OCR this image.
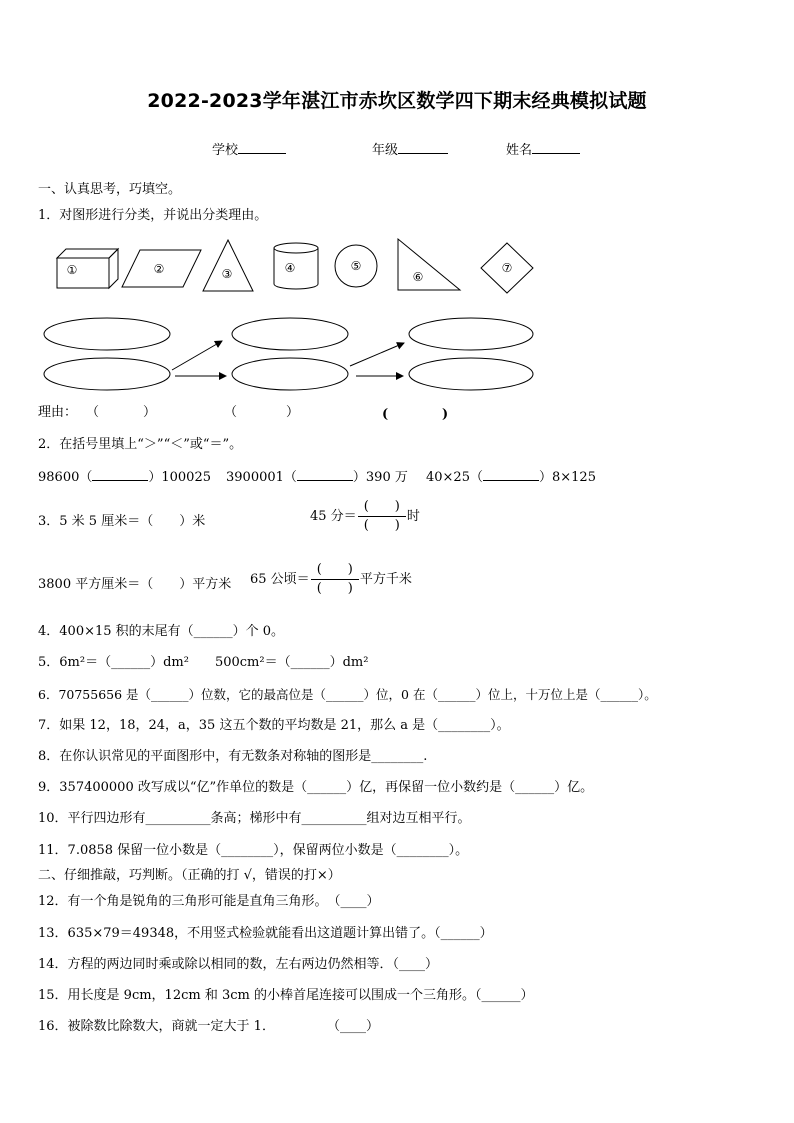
2022-2023学年湛江市赤坎区数学四下期末经典模拟试题
学校	年级	姓名
一、认真思考，巧填空。
1．对图形进行分类，并说出分类理由。
①	②	③	④	⑤
⑥
⑦
理由： （	）	（	）	(	)
2．在括号里填上“＞”“＜”或“＝”。
98600（	）100025 3900001（	）390 万 40×25（	）8×125
3．5 米 5 厘米＝（　　）米	45 分＝ $\frac{( )}{( )}$ 时
3800 平方厘米＝（　　）平方米 65 公顷＝ $\frac{( )}{( )}$ 平方千米
4．400×15 积的末尾有（______）个 0。
5．6m²＝（______）dm²　　500cm²＝（______）dm²
6．70755656 是（______）位数，它的最高位是（______）位，0 在（______）位上，十万位上是（______）。
7．如果 12，18，24，a，35 这五个数的平均数是 21，那么 a 是（________）。
8．在你认识常见的平面图形中，有无数条对称轴的图形是________.
9．357400000 改写成以“亿”作单位的数是（______）亿，再保留一位小数约是（______）亿。
10．平行四边形有__________条高；梯形中有__________组对边互相平行。
11．7.0858 保留一位小数是（________），保留两位小数是（________）。
二、仔细推敲，巧判断。（正确的打 √，错误的打×）
12．有一个角是锐角的三角形可能是直角三角形。　（____）
13．635×79＝49348，不用竖式检验就能看出这道题计算出错了。（______）
14．方程的两边同时乘或除以相同的数，左右两边仍然相等．（____）
15．用长度是 9cm，12cm 和 3cm 的小棒首尾连接可以围成一个三角形。（______）
16．被除数比除数大，商就一定大于 1．　　　　　（____）
